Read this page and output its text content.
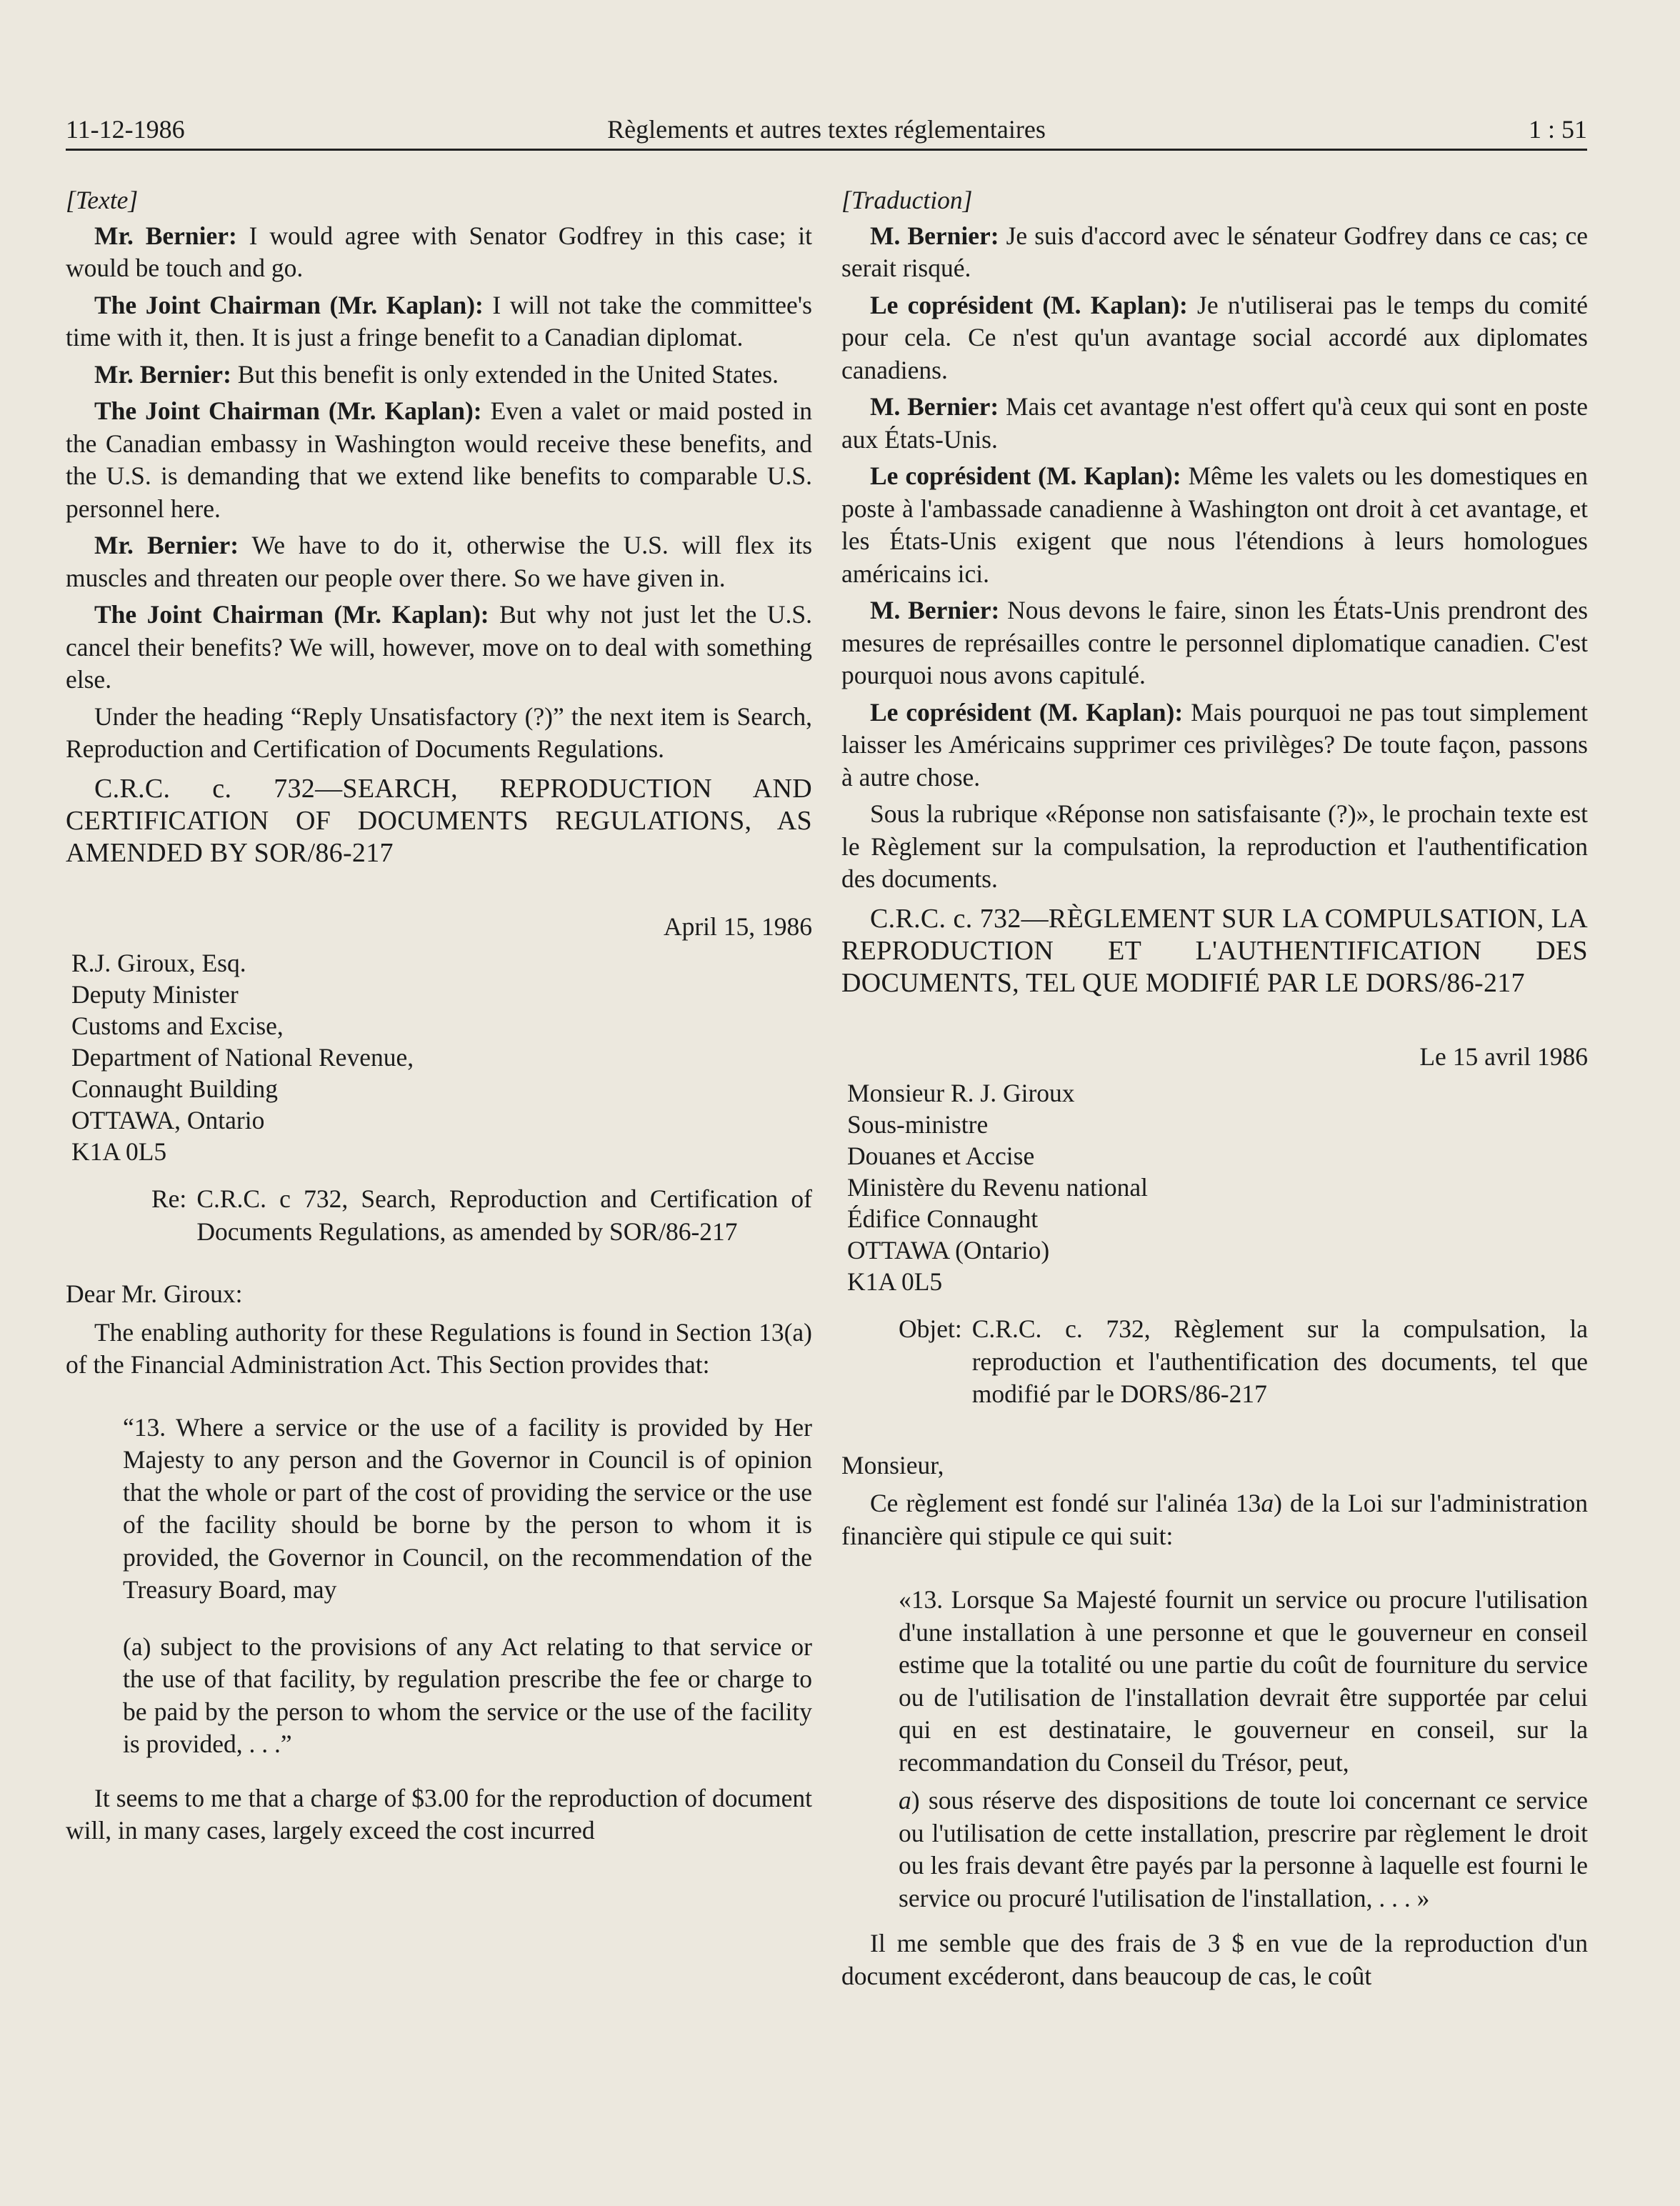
Règlements et autres textes réglementaires
11-12-1986	1 : 51

[Texte]

Mr. Bernier: I would agree with Senator Godfrey in this case; it would be touch and go.

The Joint Chairman (Mr. Kaplan): I will not take the committee's time with it, then. It is just a fringe benefit to a Canadian diplomat.

Mr. Bernier: But this benefit is only extended in the United States.

The Joint Chairman (Mr. Kaplan): Even a valet or maid posted in the Canadian embassy in Washington would receive these benefits, and the U.S. is demanding that we extend like benefits to comparable U.S. personnel here.

Mr. Bernier: We have to do it, otherwise the U.S. will flex its muscles and threaten our people over there. So we have given in.

The Joint Chairman (Mr. Kaplan): But why not just let the U.S. cancel their benefits? We will, however, move on to deal with something else.

Under the heading “Reply Unsatisfactory (?)” the next item is Search, Reproduction and Certification of Documents Regulations.

C.R.C. c. 732—SEARCH, REPRODUCTION AND CERTIFICATION OF DOCUMENTS REGULATIONS, AS AMENDED BY SOR/86-217

April 15, 1986

R.J. Giroux, Esq.
Deputy Minister
Customs and Excise,
Department of National Revenue,
Connaught Building
OTTAWA, Ontario
K1A 0L5
Re: C.R.C. c 732, Search, Reproduction and Certification of Documents Regulations, as amended by SOR/86-217

Dear Mr. Giroux:

The enabling authority for these Regulations is found in Section 13(a) of the Financial Administration Act. This Section provides that:

“13. Where a service or the use of a facility is provided by Her Majesty to any person and the Governor in Council is of opinion that the whole or part of the cost of providing the service or the use of the facility should be borne by the person to whom it is provided, the Governor in Council, on the recommendation of the Treasury Board, may

(a) subject to the provisions of any Act relating to that service or the use of that facility, by regulation prescribe the fee or charge to be paid by the person to whom the service or the use of the facility is provided, . . .”

It seems to me that a charge of $3.00 for the reproduction of document will, in many cases, largely exceed the cost incurred

[Traduction]

M. Bernier: Je suis d'accord avec le sénateur Godfrey dans ce cas; ce serait risqué.

Le coprésident (M. Kaplan): Je n'utiliserai pas le temps du comité pour cela. Ce n'est qu'un avantage social accordé aux diplomates canadiens.

M. Bernier: Mais cet avantage n'est offert qu'à ceux qui sont en poste aux États-Unis.

Le coprésident (M. Kaplan): Même les valets ou les domestiques en poste à l'ambassade canadienne à Washington ont droit à cet avantage, et les États-Unis exigent que nous l'étendions à leurs homologues américains ici.

M. Bernier: Nous devons le faire, sinon les États-Unis prendront des mesures de représailles contre le personnel diplomatique canadien. C'est pourquoi nous avons capitulé.

Le coprésident (M. Kaplan): Mais pourquoi ne pas tout simplement laisser les Américains supprimer ces privilèges? De toute façon, passons à autre chose.

Sous la rubrique «Réponse non satisfaisante (?)», le prochain texte est le Règlement sur la compulsation, la reproduction et l'authentification des documents.

C.R.C. c. 732—RÈGLEMENT SUR LA COMPULSATION, LA REPRODUCTION ET L'AUTHENTIFICATION DES DOCUMENTS, TEL QUE MODIFIÉ PAR LE DORS/86-217

Le 15 avril 1986

Monsieur R. J. Giroux
Sous-ministre
Douanes et Accise
Ministère du Revenu national
Édifice Connaught
OTTAWA (Ontario)
K1A 0L5
Objet: C.R.C. c. 732, Règlement sur la compulsation, la reproduction et l'authentification des documents, tel que modifié par le DORS/86-217

Monsieur,

Ce règlement est fondé sur l'alinéa 13a) de la Loi sur l'administration financière qui stipule ce qui suit:

«13. Lorsque Sa Majesté fournit un service ou procure l'utilisation d'une installation à une personne et que le gouverneur en conseil estime que la totalité ou une partie du coût de fourniture du service ou de l'utilisation de l'installation devrait être supportée par celui qui en est destinataire, le gouverneur en conseil, sur la recommandation du Conseil du Trésor, peut,

a) sous réserve des dispositions de toute loi concernant ce service ou l'utilisation de cette installation, prescrire par règlement le droit ou les frais devant être payés par la personne à laquelle est fourni le service ou procuré l'utilisation de l'installation, . . . »

Il me semble que des frais de 3 $ en vue de la reproduction d'un document excéderont, dans beaucoup de cas, le coût
